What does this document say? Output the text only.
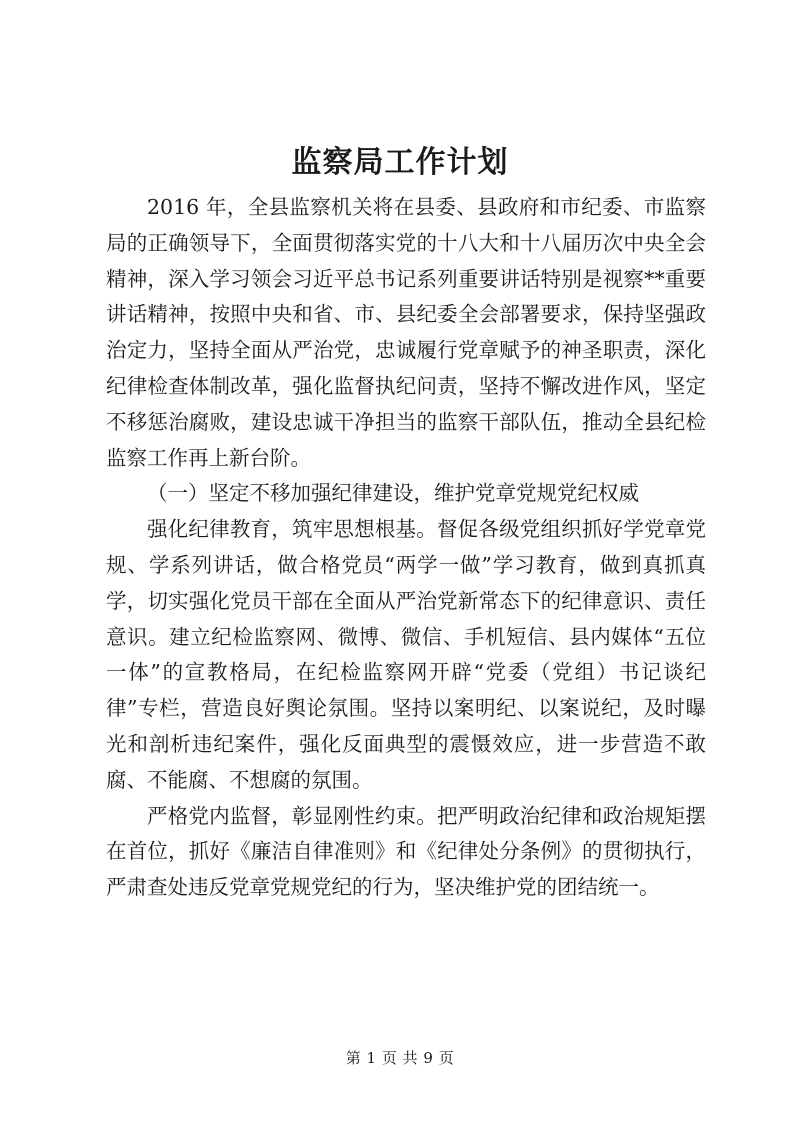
监察局工作计划

2016 年，全县监察机关将在县委、县政府和市纪委、市监察局的正确领导下，全面贯彻落实党的十八大和十八届历次中央全会精神，深入学习领会习近平总书记系列重要讲话特别是视察**重要讲话精神，按照中央和省、市、县纪委全会部署要求，保持坚强政治定力，坚持全面从严治党，忠诚履行党章赋予的神圣职责，深化纪律检查体制改革，强化监督执纪问责，坚持不懈改进作风，坚定不移惩治腐败，建设忠诚干净担当的监察干部队伍，推动全县纪检监察工作再上新台阶。

（一）坚定不移加强纪律建设，维护党章党规党纪权威

强化纪律教育，筑牢思想根基。督促各级党组织抓好学党章党规、学系列讲话，做合格党员“两学一做”学习教育，做到真抓真学，切实强化党员干部在全面从严治党新常态下的纪律意识、责任意识。建立纪检监察网、微博、微信、手机短信、县内媒体“五位一体”的宣教格局，在纪检监察网开辟“党委（党组）书记谈纪律”专栏，营造良好舆论氛围。坚持以案明纪、以案说纪，及时曝光和剖析违纪案件，强化反面典型的震慑效应，进一步营造不敢腐、不能腐、不想腐的氛围。

严格党内监督，彰显刚性约束。把严明政治纪律和政治规矩摆在首位，抓好《廉洁自律准则》和《纪律处分条例》的贯彻执行，严肃查处违反党章党规党纪的行为，坚决维护党的团结统一。

第 1 页 共 9 页
